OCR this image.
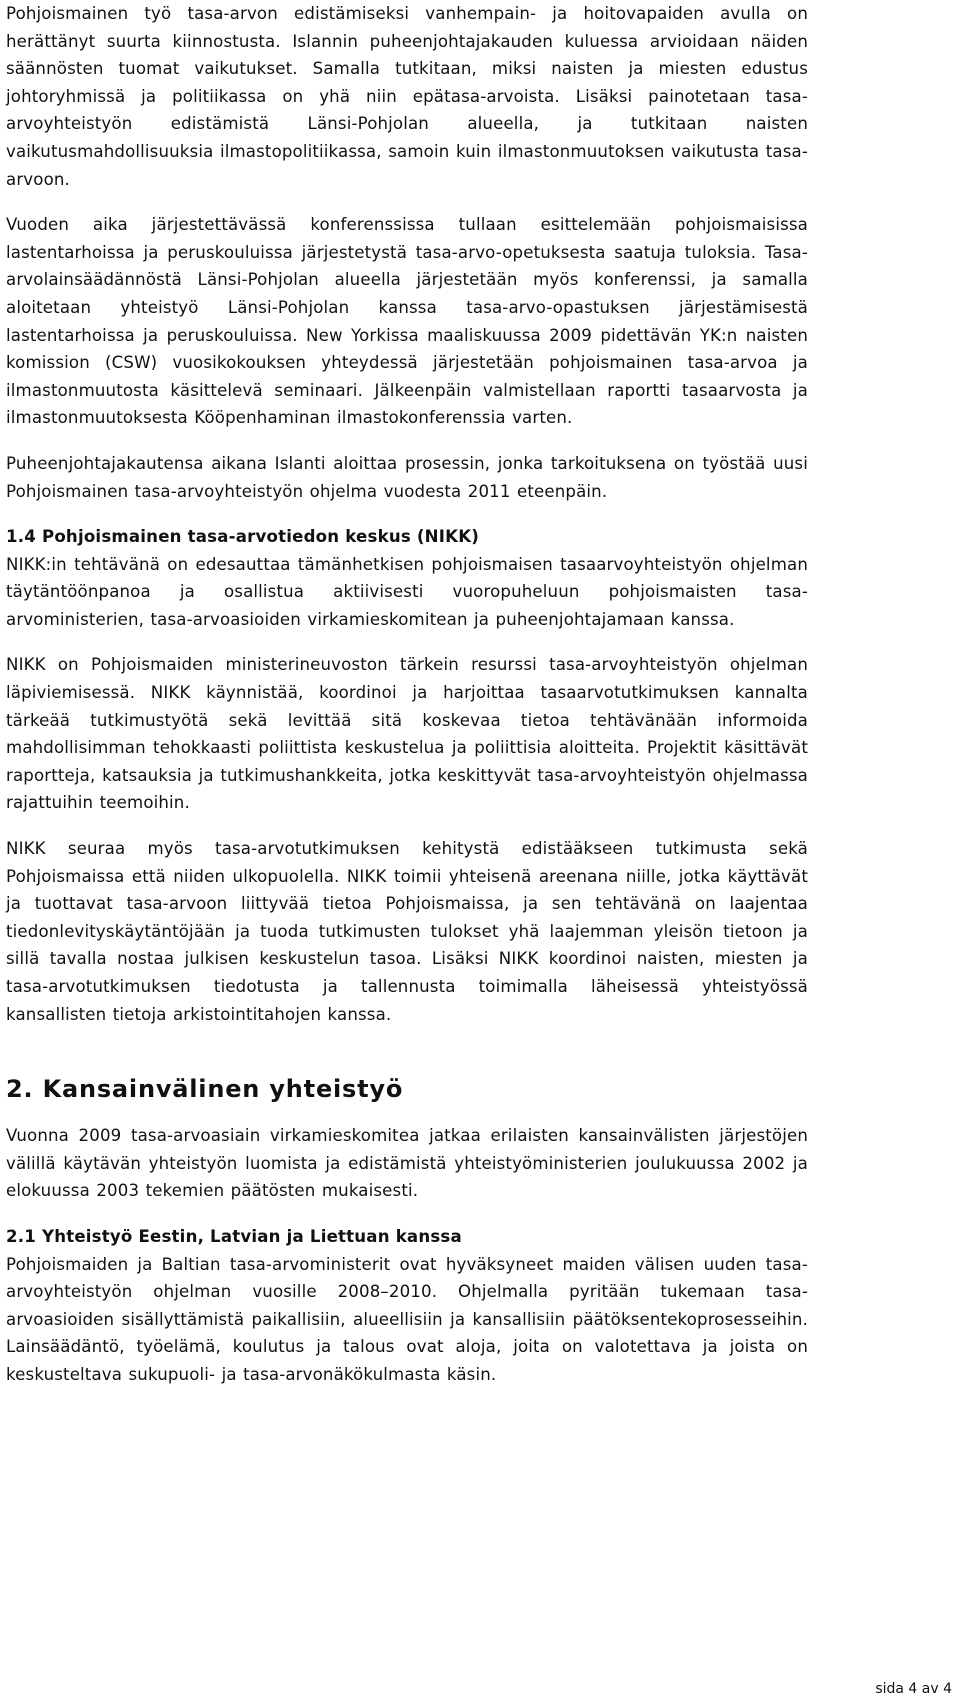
Pohjoismainen työ tasa-arvon edistämiseksi vanhempain- ja hoitovapaiden avulla on herättänyt suurta kiinnostusta. Islannin puheenjohtajakauden kuluessa arvioidaan näiden säännösten tuomat vaikutukset. Samalla tutkitaan, miksi naisten ja miesten edustus johtoryhmissä ja politiikassa on yhä niin epätasa-arvoista. Lisäksi painotetaan tasa-arvoyhteistyön edistämistä Länsi-Pohjolan alueella, ja tutkitaan naisten vaikutusmahdollisuuksia ilmastopolitiikassa, samoin kuin ilmastonmuutoksen vaikutusta tasa-arvoon.

Vuoden aika järjestettävässä konferenssissa tullaan esittelemään pohjoismaisissa lastentarhoissa ja peruskouluissa järjestetystä tasa-arvo-opetuksesta saatuja tuloksia. Tasa-arvolainsäädännöstä Länsi-Pohjolan alueella järjestetään myös konferenssi, ja samalla aloitetaan yhteistyö Länsi-Pohjolan kanssa tasa-arvo-opastuksen järjestämisestä lastentarhoissa ja peruskouluissa. New Yorkissa maaliskuussa 2009 pidettävän YK:n naisten komission (CSW) vuosikokouksen yhteydessä järjestetään pohjoismainen tasa-arvoa ja ilmastonmuutosta käsittelevä seminaari. Jälkeenpäin valmistellaan raportti tasaarvosta ja ilmastonmuutoksesta Kööpenhaminan ilmastokonferenssia varten.

Puheenjohtajakautensa aikana Islanti aloittaa prosessin, jonka tarkoituksena on työstää uusi Pohjoismainen tasa-arvoyhteistyön ohjelma vuodesta 2011 eteenpäin.

1.4 Pohjoismainen tasa-arvotiedon keskus (NIKK)

NIKK:in tehtävänä on edesauttaa tämänhetkisen pohjoismaisen tasaarvoyhteistyön ohjelman täytäntöönpanoa ja osallistua aktiivisesti vuoropuheluun pohjoismaisten tasa-arvoministerien, tasa-arvoasioiden virkamieskomitean ja puheenjohtajamaan kanssa.

NIKK on Pohjoismaiden ministerineuvoston tärkein resurssi tasa-arvoyhteistyön ohjelman läpiviemisessä. NIKK käynnistää, koordinoi ja harjoittaa tasaarvotutkimuksen kannalta tärkeää tutkimustyötä sekä levittää sitä koskevaa tietoa tehtävänään informoida mahdollisimman tehokkaasti poliittista keskustelua ja poliittisia aloitteita. Projektit käsittävät raportteja, katsauksia ja tutkimushankkeita, jotka keskittyvät tasa-arvoyhteistyön ohjelmassa rajattuihin teemoihin.

NIKK seuraa myös tasa-arvotutkimuksen kehitystä edistääkseen tutkimusta sekä Pohjoismaissa että niiden ulkopuolella. NIKK toimii yhteisenä areenana niille, jotka käyttävät ja tuottavat tasa-arvoon liittyvää tietoa Pohjoismaissa, ja sen tehtävänä on laajentaa tiedonlevityskäytäntöjään ja tuoda tutkimusten tulokset yhä laajemman yleisön tietoon ja sillä tavalla nostaa julkisen keskustelun tasoa. Lisäksi NIKK koordinoi naisten, miesten ja tasa-arvotutkimuksen tiedotusta ja tallennusta toimimalla läheisessä yhteistyössä kansallisten tietoja arkistointitahojen kanssa.

2. Kansainvälinen yhteistyö

Vuonna 2009 tasa-arvoasiain virkamieskomitea jatkaa erilaisten kansainvälisten järjestöjen välillä käytävän yhteistyön luomista ja edistämistä yhteistyöministerien joulukuussa 2002 ja elokuussa 2003 tekemien päätösten mukaisesti.

2.1 Yhteistyö Eestin, Latvian ja Liettuan kanssa

Pohjoismaiden ja Baltian tasa-arvoministerit ovat hyväksyneet maiden välisen uuden tasa-arvoyhteistyön ohjelman vuosille 2008–2010. Ohjelmalla pyritään tukemaan tasa-arvoasioiden sisällyttämistä paikallisiin, alueellisiin ja kansallisiin päätöksentekoprosesseihin. Lainsäädäntö, työelämä, koulutus ja talous ovat aloja, joita on valotettava ja joista on keskusteltava sukupuoli- ja tasa-arvonäkökulmasta käsin.

sida 4 av 4
